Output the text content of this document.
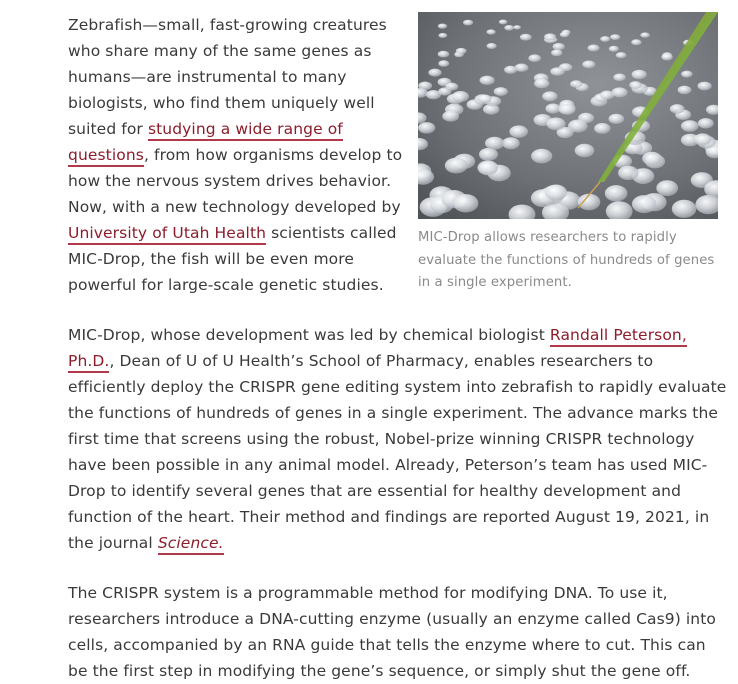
Zebrafish—small, fast-growing creatures who share many of the same genes as humans—are instrumental to many biologists, who find them uniquely well suited for studying a wide range of questions, from how organisms develop to how the nervous system drives behavior. Now, with a new technology developed by University of Utah Health scientists called MIC-Drop, the fish will be even more powerful for large-scale genetic studies.
MIC-Drop allows researchers to rapidly evaluate the functions of hundreds of genes in a single experiment.

MIC-Drop, whose development was led by chemical biologist Randall Peterson, Ph.D., Dean of U of U Health’s School of Pharmacy, enables researchers to efficiently deploy the CRISPR gene editing system into zebrafish to rapidly evaluate the functions of hundreds of genes in a single experiment. The advance marks the first time that screens using the robust, Nobel-prize winning CRISPR technology have been possible in any animal model. Already, Peterson’s team has used MIC-Drop to identify several genes that are essential for healthy development and function of the heart. Their method and findings are reported August 19, 2021, in the journal Science.

The CRISPR system is a programmable method for modifying DNA. To use it, researchers introduce a DNA-cutting enzyme (usually an enzyme called Cas9) into cells, accompanied by an RNA guide that tells the enzyme where to cut. This can be the first step in modifying the gene’s sequence, or simply shut the gene off.
